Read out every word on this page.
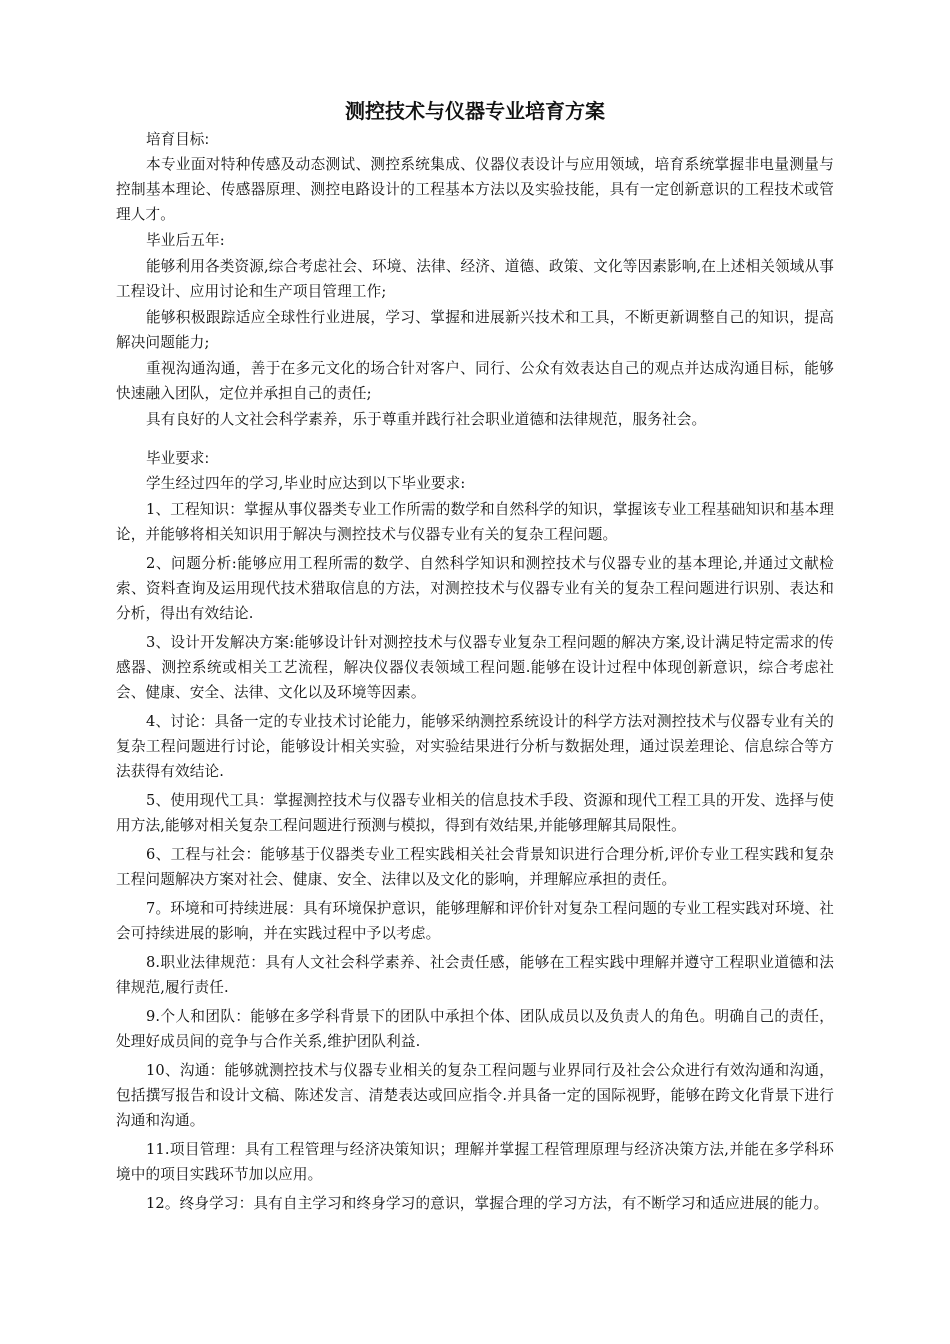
测控技术与仪器专业培育方案

培育目标:

本专业面对特种传感及动态测试、测控系统集成、仪器仪表设计与应用领域，培育系统掌握非电量测量与控制基本理论、传感器原理、测控电路设计的工程基本方法以及实验技能，具有一定创新意识的工程技术或管理人才。

毕业后五年:

能够利用各类资源,综合考虑社会、环境、法律、经济、道德、政策、文化等因素影响,在上述相关领域从事工程设计、应用讨论和生产项目管理工作;

能够积极跟踪适应全球性行业进展，学习、掌握和进展新兴技术和工具，不断更新调整自己的知识，提高解决问题能力;

重视沟通沟通，善于在多元文化的场合针对客户、同行、公众有效表达自己的观点并达成沟通目标，能够快速融入团队，定位并承担自己的责任;

具有良好的人文社会科学素养，乐于尊重并践行社会职业道德和法律规范，服务社会。

毕业要求:

学生经过四年的学习,毕业时应达到以下毕业要求:

1、工程知识：掌握从事仪器类专业工作所需的数学和自然科学的知识，掌握该专业工程基础知识和基本理论，并能够将相关知识用于解决与测控技术与仪器专业有关的复杂工程问题。

2、问题分析:能够应用工程所需的数学、自然科学知识和测控技术与仪器专业的基本理论,并通过文献检索、资料查询及运用现代技术猎取信息的方法，对测控技术与仪器专业有关的复杂工程问题进行识别、表达和分析，得出有效结论.

3、设计开发解决方案:能够设计针对测控技术与仪器专业复杂工程问题的解决方案,设计满足特定需求的传感器、测控系统或相关工艺流程，解决仪器仪表领域工程问题.能够在设计过程中体现创新意识，综合考虑社会、健康、安全、法律、文化以及环境等因素。

4、讨论：具备一定的专业技术讨论能力，能够采纳测控系统设计的科学方法对测控技术与仪器专业有关的复杂工程问题进行讨论，能够设计相关实验，对实验结果进行分析与数据处理，通过误差理论、信息综合等方法获得有效结论.

5、使用现代工具：掌握测控技术与仪器专业相关的信息技术手段、资源和现代工程工具的开发、选择与使用方法,能够对相关复杂工程问题进行预测与模拟，得到有效结果,并能够理解其局限性。

6、工程与社会：能够基于仪器类专业工程实践相关社会背景知识进行合理分析,评价专业工程实践和复杂工程问题解决方案对社会、健康、安全、法律以及文化的影响，并理解应承担的责任。

7。环境和可持续进展：具有环境保护意识，能够理解和评价针对复杂工程问题的专业工程实践对环境、社会可持续进展的影响，并在实践过程中予以考虑。

8.职业法律规范：具有人文社会科学素养、社会责任感，能够在工程实践中理解并遵守工程职业道德和法律规范,履行责任.

9.个人和团队：能够在多学科背景下的团队中承担个体、团队成员以及负责人的角色。明确自己的责任，处理好成员间的竞争与合作关系,维护团队利益.

10、沟通：能够就测控技术与仪器专业相关的复杂工程问题与业界同行及社会公众进行有效沟通和沟通，包括撰写报告和设计文稿、陈述发言、清楚表达或回应指令.并具备一定的国际视野，能够在跨文化背景下进行沟通和沟通。

11.项目管理：具有工程管理与经济决策知识；理解并掌握工程管理原理与经济决策方法,并能在多学科环境中的项目实践环节加以应用。

12。终身学习：具有自主学习和终身学习的意识，掌握合理的学习方法，有不断学习和适应进展的能力。
